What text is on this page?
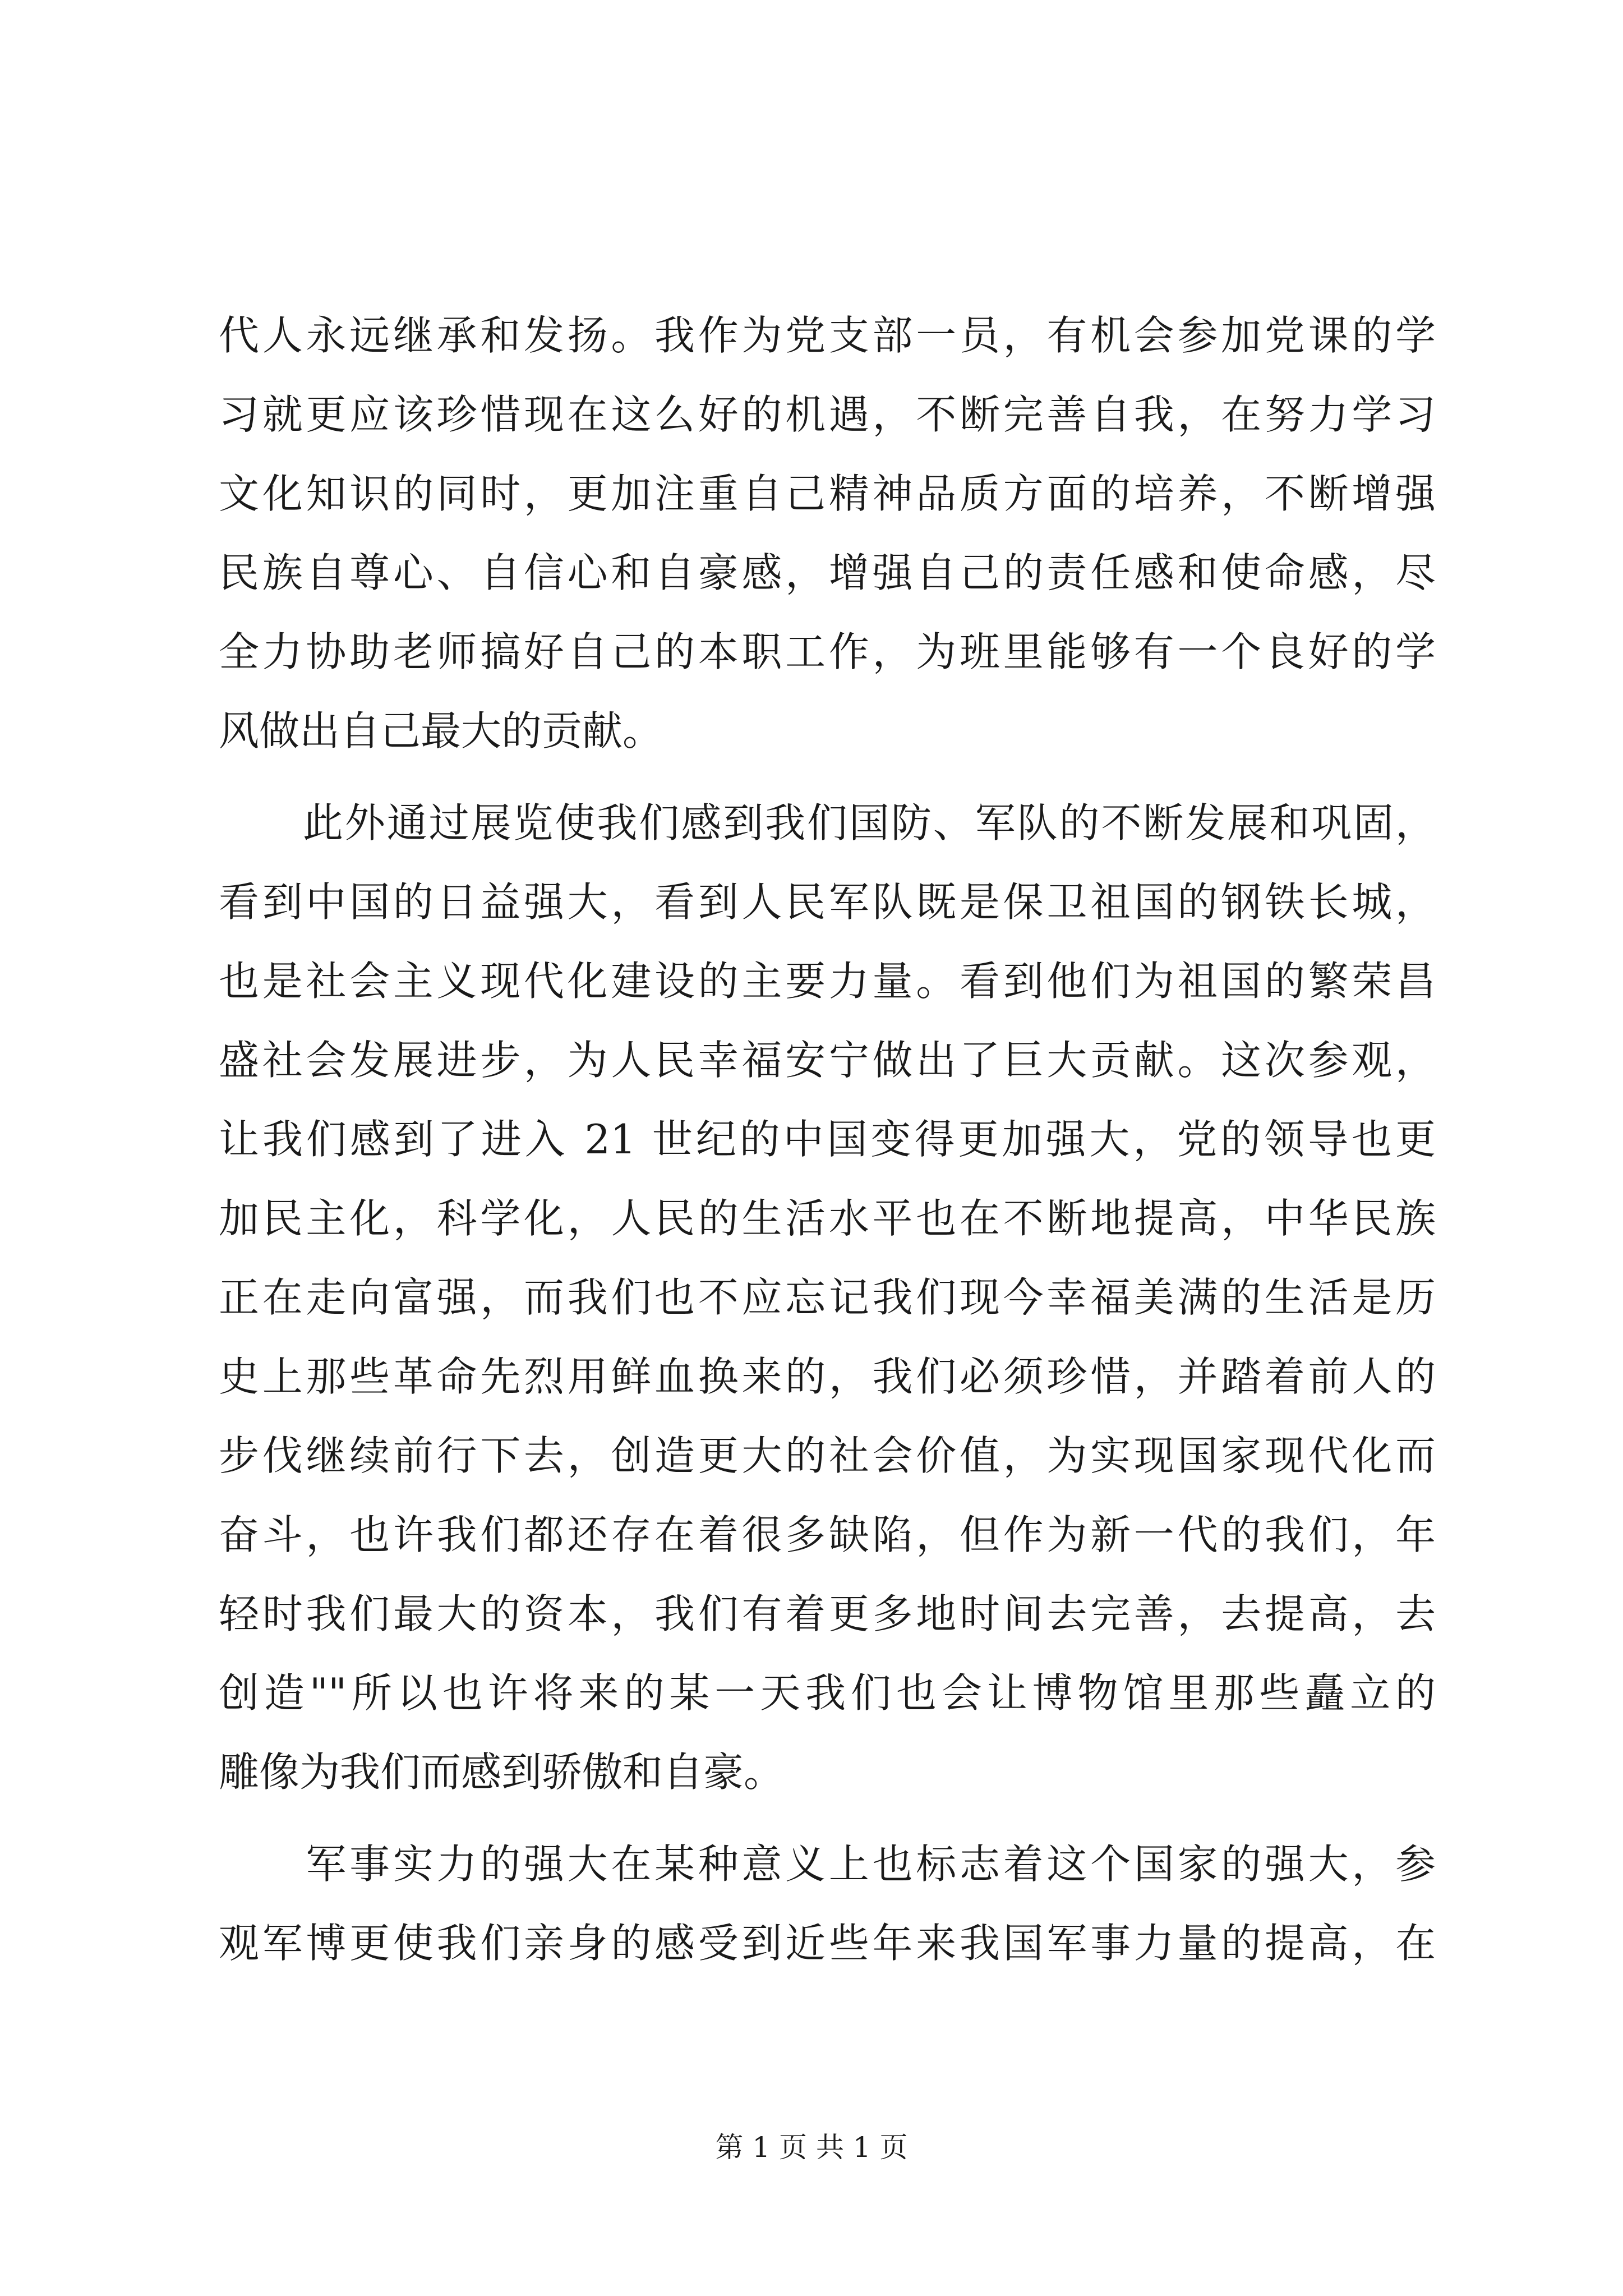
代人永远继承和发扬。我作为党支部一员，有机会参加党课的学
习就更应该珍惜现在这么好的机遇，不断完善自我，在努力学习
文化知识的同时，更加注重自己精神品质方面的培养，不断增强
民族自尊心、自信心和自豪感，增强自己的责任感和使命感，尽
全力协助老师搞好自己的本职工作，为班里能够有一个良好的学
风做出自己最大的贡献。
　　此外通过展览使我们感到我们国防、军队的不断发展和巩固，
看到中国的日益强大，看到人民军队既是保卫祖国的钢铁长城，
也是社会主义现代化建设的主要力量。看到他们为祖国的繁荣昌
盛社会发展进步，为人民幸福安宁做出了巨大贡献。这次参观，
让我们感到了进入 21 世纪的中国变得更加强大，党的领导也更
加民主化，科学化，人民的生活水平也在不断地提高，中华民族
正在走向富强，而我们也不应忘记我们现今幸福美满的生活是历
史上那些革命先烈用鲜血换来的，我们必须珍惜，并踏着前人的
步伐继续前行下去，创造更大的社会价值，为实现国家现代化而
奋斗，也许我们都还存在着很多缺陷，但作为新一代的我们，年
轻时我们最大的资本，我们有着更多地时间去完善，去提高，去
创造""所以也许将来的某一天我们也会让博物馆里那些矗立的
雕像为我们而感到骄傲和自豪。
　　军事实力的强大在某种意义上也标志着这个国家的强大，参
观军博更使我们亲身的感受到近些年来我国军事力量的提高，在
第 1 页 共 1 页
